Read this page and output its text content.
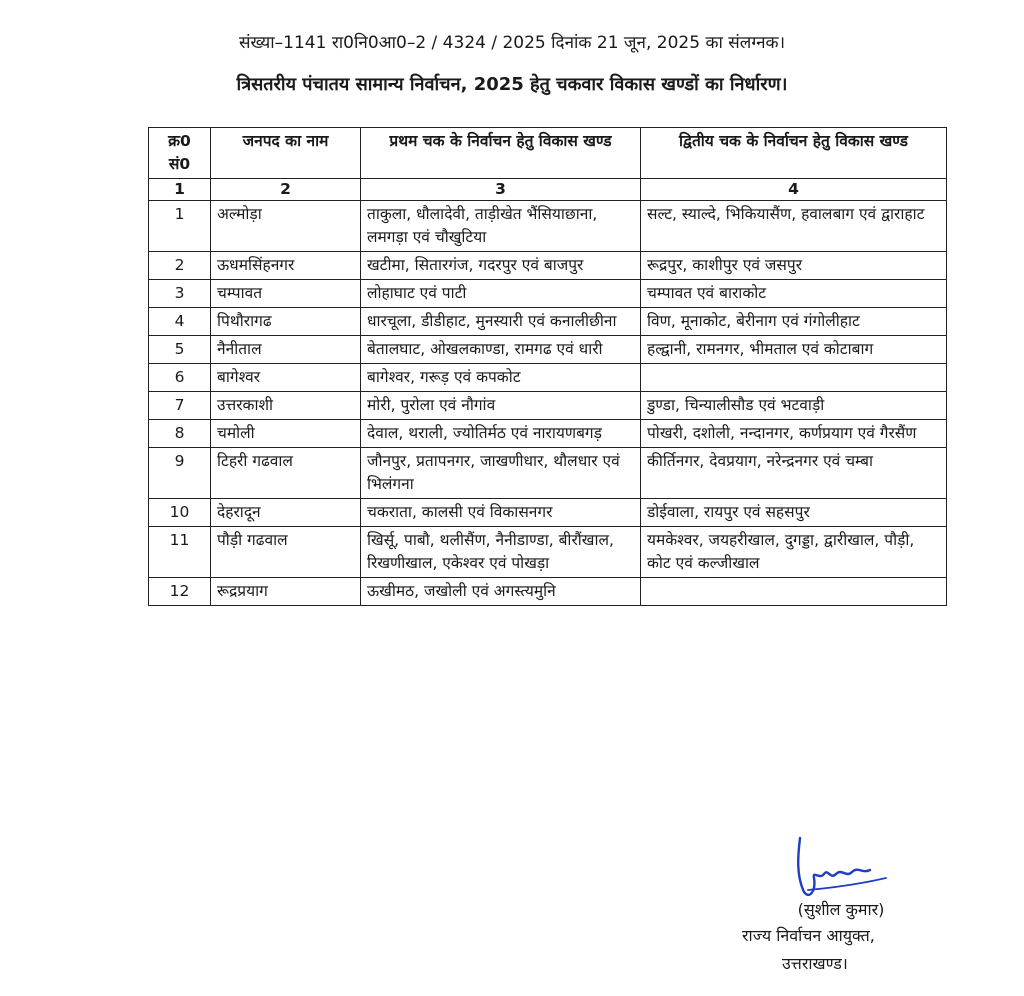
संख्या–1141 रा0नि0आ0–2 / 4324 / 2025 दिनांक 21 जून, 2025 का संलग्नक।
त्रिसतरीय पंचातय सामान्य निर्वाचन, 2025 हेतु चकवार विकास खण्डों का निर्धारण।
क्र0 सं0	जनपद का नाम	प्रथम चक के निर्वाचन हेतु विकास खण्ड	द्वितीय चक के निर्वाचन हेतु विकास खण्ड
1	2	3	4
1	अल्मोड़ा	ताकुला, धौलादेवी, ताड़ीखेत भैंसियाछाना, लमगड़ा एवं चौखुटिया	सल्ट, स्याल्दे, भिकियासैंण, हवालबाग एवं द्वाराहाट
2	ऊधमसिंहनगर	खटीमा, सितारगंज, गदरपुर एवं बाजपुर	रूद्रपुर, काशीपुर एवं जसपुर
3	चम्पावत	लोहाघाट एवं पाटी	चम्पावत एवं बाराकोट
4	पिथौरागढ	धारचूला, डीडीहाट, मुनस्यारी एवं कनालीछीना	विण, मूनाकोट, बेरीनाग एवं गंगोलीहाट
5	नैनीताल	बेतालघाट, ओखलकाण्डा, रामगढ एवं धारी	हल्द्वानी, रामनगर, भीमताल एवं कोटाबाग
6	बागेश्वर	बागेश्वर, गरूड़ एवं कपकोट	
7	उत्तरकाशी	मोरी, पुरोला एवं नौगांव	डुण्डा, चिन्यालीसौड एवं भटवाड़ी
8	चमोली	देवाल, थराली, ज्योतिर्मठ एवं नारायणबगड़	पोखरी, दशोली, नन्दानगर, कर्णप्रयाग एवं गैरसैंण
9	टिहरी गढवाल	जौनपुर, प्रतापनगर, जाखणीधार, थौलधार एवं भिलंगना	कीर्तिनगर, देवप्रयाग, नरेन्द्रनगर एवं चम्बा
10	देहरादून	चकराता, कालसी एवं विकासनगर	डोईवाला, रायपुर एवं सहसपुर
11	पौड़ी गढवाल	खिर्सू, पाबौ, थलीसैंण, नैनीडाण्डा, बीरौंखाल, रिखणीखाल, एकेश्वर एवं पोखड़ा	यमकेश्वर, जयहरीखाल, दुगड्डा, द्वारीखाल, पौड़ी, कोट एवं कल्जीखाल
12	रूद्रप्रयाग	ऊखीमठ, जखोली एवं अगस्त्यमुनि	
(सुशील कुमार)
राज्य निर्वाचन आयुक्त,
उत्तराखण्ड।
